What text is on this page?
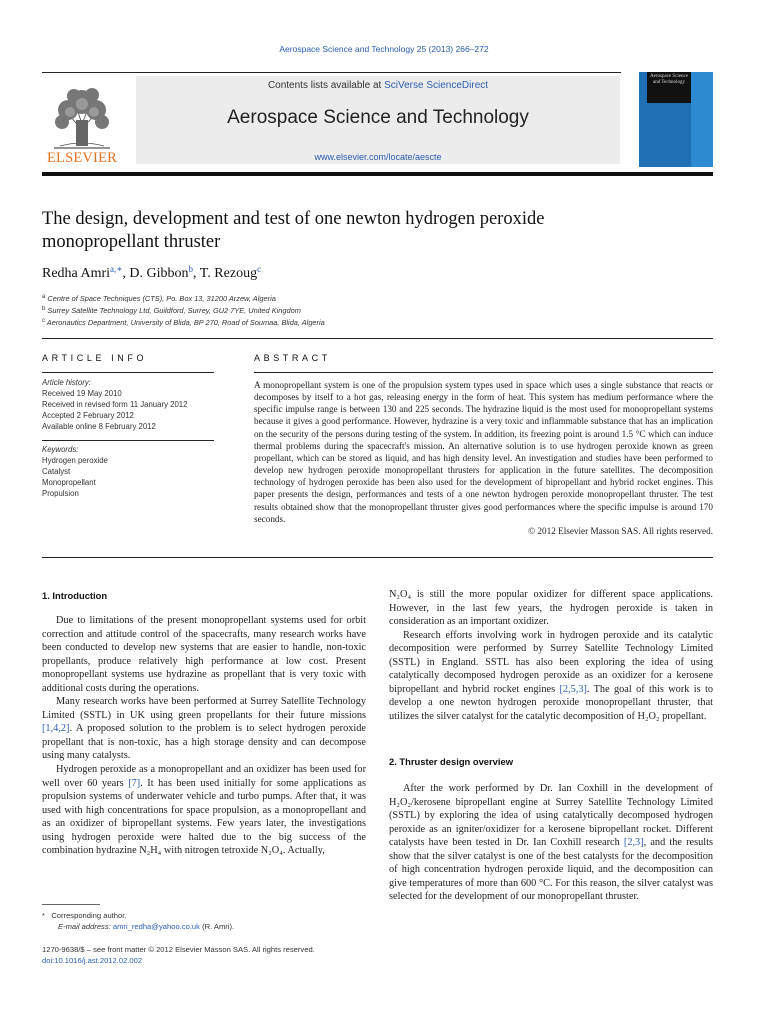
Aerospace Science and Technology 25 (2013) 266–272
ELSEVIER
Contents lists available at SciVerse ScienceDirect
Aerospace Science and Technology
www.elsevier.com/locate/aescte
Aerospace Science and Technology
The design, development and test of one newton hydrogen peroxide
monopropellant thruster
Redha Amri$^{a,∗}$, D. Gibbon$^b$, T. Rezoug$^c$
$^a$ Centre of Space Techniques (CTS), Po. Box 13, 31200 Arzew, Algeria
$^b$ Surrey Satellite Technology Ltd, Guildford, Surrey, GU2 7YE, United Kingdom
$^c$ Aeronautics Department, University of Blida, BP 270, Road of Soumaa, Blida, Algeria
ARTICLE INFO	ABSTRACT
Article history:
Received 19 May 2010
Received in revised form 11 January 2012
Accepted 2 February 2012
Available online 8 February 2012
Keywords:
Hydrogen peroxide
Catalyst
Monopropellant
Propulsion
A monopropellant system is one of the propulsion system types used in space which uses a single substance that reacts or decomposes by itself to a hot gas, releasing energy in the form of heat. This system has medium performance where the specific impulse range is between 130 and 225 seconds. The hydrazine liquid is the most used for monopropellant systems because it gives a good performance. However, hydrazine is a very toxic and inflammable substance that has an implication on the security of the persons during testing of the system. In addition, its freezing point is around 1.5 °C which can induce thermal problems during the spacecraft's mission. An alternative solution is to use hydrogen peroxide known as green propellant, which can be stored as liquid, and has high density level. An investigation and studies have been performed to develop new hydrogen peroxide monopropellant thrusters for application in the future satellites. The decomposition technology of hydrogen peroxide has been also used for the development of bipropellant and hybrid rocket engines. This paper presents the design, performances and tests of a one newton hydrogen peroxide monopropellant thruster. The test results obtained show that the monopropellant thruster gives good performances where the specific impulse is around 170 seconds.
© 2012 Elsevier Masson SAS. All rights reserved.
1. Introduction

Due to limitations of the present monopropellant systems used for orbit correction and attitude control of the spacecrafts, many research works have been conducted to develop new systems that are easier to handle, non-toxic propellants, produce relatively high performance at low cost. Present monopropellant systems use hydrazine as propellant that is very toxic with additional costs during the operations.

Many research works have been performed at Surrey Satellite Technology Limited (SSTL) in UK using green propellants for their future missions [1,4,2]. A proposed solution to the problem is to select hydrogen peroxide propellant that is non-toxic, has a high storage density and can decompose using many catalysts.

Hydrogen peroxide as a monopropellant and an oxidizer has been used for well over 60 years [7]. It has been used initially for some applications as propulsion systems of underwater vehicle and turbo pumps. After that, it was used with high concentrations for space propulsion, as a monopropellant and as an oxidizer of bipropellant systems. Few years later, the investigations using hydrogen peroxide were halted due to the big success of the combination hydrazine N₂H₄ with nitrogen tetroxide N₂O₄. Actually,

N₂O₄ is still the more popular oxidizer for different space applications. However, in the last few years, the hydrogen peroxide is taken in consideration as an important oxidizer.

Research efforts involving work in hydrogen peroxide and its catalytic decomposition were performed by Surrey Satellite Technology Limited (SSTL) in England. SSTL has also been exploring the idea of using catalytically decomposed hydrogen peroxide as an oxidizer for a kerosene bipropellant and hybrid rocket engines [2,5,3]. The goal of this work is to develop a one newton hydrogen peroxide monopropellant thruster, that utilizes the silver catalyst for the catalytic decomposition of H₂O₂ propellant.

2. Thruster design overview

After the work performed by Dr. Ian Coxhill in the development of H₂O₂/kerosene bipropellant engine at Surrey Satellite Technology Limited (SSTL) by exploring the idea of using catalytically decomposed hydrogen peroxide as an igniter/oxidizer for a kerosene bipropellant rocket. Different catalysts have been tested in Dr. Ian Coxhill research [2,3], and the results show that the silver catalyst is one of the best catalysts for the decomposition of high concentration hydrogen peroxide liquid, and the decomposition can give temperatures of more than 600 °C. For this reason, the silver catalyst was selected for the development of our monopropellant thruster.

* Corresponding author.
E-mail address: amri_redha@yahoo.co.uk (R. Amri).
1270-9638/$ – see front matter © 2012 Elsevier Masson SAS. All rights reserved.
doi:10.1016/j.ast.2012.02.002
